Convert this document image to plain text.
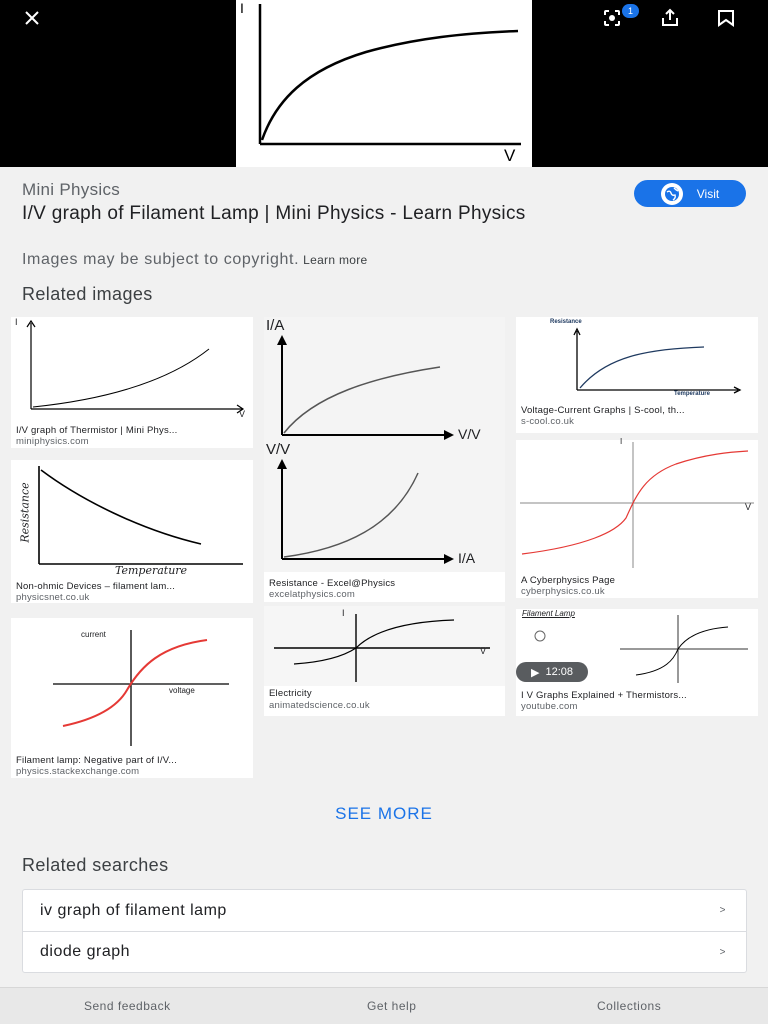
I
V
1
Mini Physics
I/V graph of Filament Lamp | Mini Physics - Learn Physics
Images may be subject to copyright. Learn more
Visit
Related images
I
V
I/V graph of Thermistor | Mini Phys...
miniphysics.com
I/A
V/V
V/V
I/A
Resistance - Excel@Physics
excelatphysics.com
Resistance
Temperature
Voltage-Current Graphs | S-cool, th...
s-cool.co.uk
Resistance
Temperature
Non-ohmic Devices – filament lam...
physicsnet.co.uk
I
V
A Cyberphysics Page
cyberphysics.co.uk
current
voltage
Filament lamp: Negative part of I/V...
physics.stackexchange.com
I
V
Electricity
animatedscience.co.uk
Filament Lamp
I V Graphs Explained + Thermistors...
youtube.com
▶ 12:08
SEE MORE
Related searches
iv graph of filament lamp	>
diode graph	>
Send feedback	Get help	Collections
